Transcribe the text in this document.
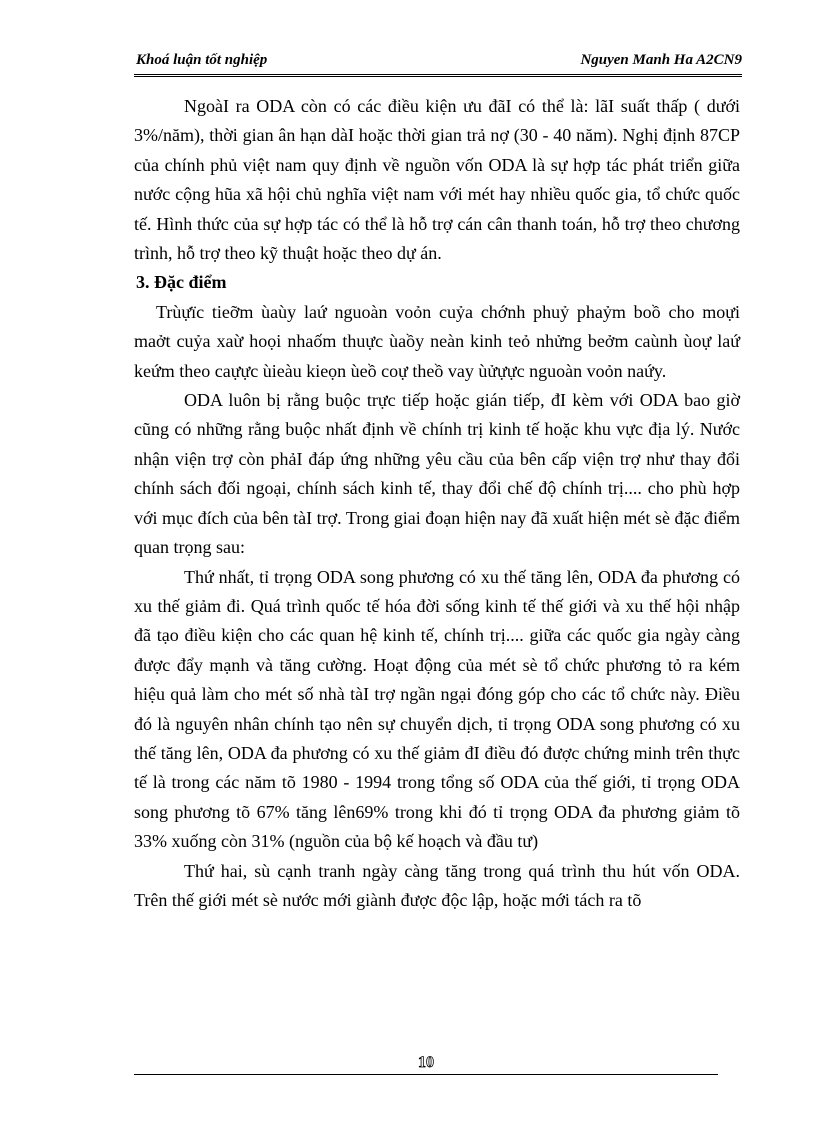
Khoá luận tốt nghiệp	Nguyen Manh Ha A2CN9

NgoàI ra ODA còn có các điều kiện ưu đãI có thể là: lãI suất thấp ( dưới 3%/năm), thời gian ân hạn dàI hoặc thời gian trả nợ (30 - 40 năm). Nghị định 87CP của chính phủ việt nam quy định về nguồn vốn ODA là sự hợp tác phát triển giữa nước cộng hũa xã hội chủ nghĩa việt nam với mét hay nhiều quốc gia, tổ chức quốc tế. Hình thức của sự hợp tác có thể là hỗ trợ cán cân thanh toán, hỗ trợ theo chương trình, hỗ trợ theo kỹ thuật hoặc theo dự án.

3. Đặc điểm

Trùựïc tieỡm ùaùy laứ nguoàn voỏn cuỷa chớnh phuỷ phaỷm boồ cho moựi maởt cuỷa xaừ hoọi nhaốm thuực ùaồy neàn kinh teỏ nhửng beởm caùnh ùoự laứ keứm theo caựực ùieàu kieọn ùeồ coự theồ vay ùửựực nguoàn voỏn naứy.

ODA luôn bị rằng buộc trực tiếp hoặc gián tiếp, đI kèm với ODA bao giờ cũng có những rằng buộc nhất định về chính trị kinh tế hoặc khu vực địa lý. Nước nhận viện trợ còn phảI đáp ứng những yêu cầu của bên cấp viện trợ như thay đổi chính sách đối ngoại, chính sách kinh tế, thay đổi chế độ chính trị.... cho phù hợp với mục đích của bên tàI trợ. Trong giai đoạn hiện nay đã xuất hiện mét sè đặc điểm quan trọng sau:

Thứ nhất, tỉ trọng ODA song phương có xu thế tăng lên, ODA đa phương có xu thế giảm đi. Quá trình quốc tế hóa đời sống kinh tế thế giới và xu thế hội nhập đã tạo điều kiện cho các quan hệ kinh tế, chính trị.... giữa các quốc gia ngày càng được đẩy mạnh và tăng cường. Hoạt động của mét sè tổ chức phương tỏ ra kém hiệu quả làm cho mét số nhà tàI trợ ngần ngại đóng góp cho các tổ chức này. Điều đó là nguyên nhân chính tạo nên sự chuyển dịch, tỉ trọng ODA song phương có xu thế tăng lên, ODA đa phương có xu thế giảm đI điều đó được chứng minh trên thực tế là trong các năm tõ 1980 - 1994 trong tổng số ODA của thế giới, tỉ trọng ODA song phương tõ 67% tăng lên69% trong khi đó tỉ trọng ODA đa phương giảm tõ 33% xuống còn 31% (nguồn của bộ kế hoạch và đầu tư)

Thứ hai, sù cạnh tranh ngày càng tăng trong quá trình thu hút vốn ODA. Trên thế giới mét sè nước mới giành được độc lập, hoặc mới tách ra tõ

10
